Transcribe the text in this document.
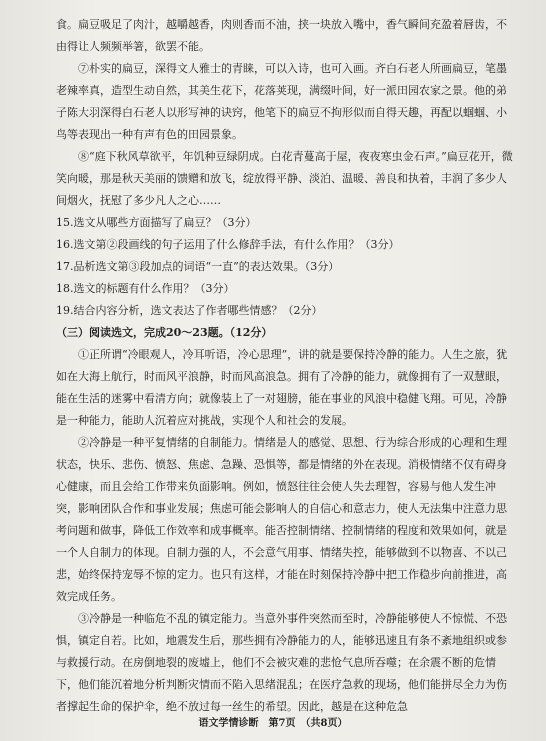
食。扁豆吸足了肉汁，越嚼越香，肉则香而不油，挟一块放入嘴中，香气瞬间充盈着唇齿，不由得让人频频举箸，欲罢不能。

⑦朴实的扁豆，深得文人雅士的青睐，可以入诗，也可入画。齐白石老人所画扁豆，笔墨老辣率真，造型生动自然，其美生花下，花落荚现，满缀叶间，好一派田园农家之景。他的弟子陈大羽深得白石老人以形写神的诀窍，他笔下的扁豆不拘形似而自得天趣，再配以蝈蝈、小鸟等表现出一种有声有色的田园景象。

⑧“庭下秋风草欲平，年饥种豆绿阴成。白花青蔓高于屋，夜夜寒虫金石声。”扁豆花开，微笑向暖，那是秋天美丽的馈赠和放飞，绽放得平静、淡泊、温暖、善良和执着，丰润了多少人间烟火，抚慰了多少凡人之心……

15.选文从哪些方面描写了扁豆？（3分）

16.选文第②段画线的句子运用了什么修辞手法，有什么作用？（3分）

17.品析选文第③段加点的词语“一直”的表达效果。（3分）

18.选文的标题有什么作用？（3分）

19.结合内容分析，选文表达了作者哪些情感？（2分）

（三）阅读选文，完成20～23题。（12分）

①正所谓“冷眼观人，冷耳听语，冷心思理”，讲的就是要保持冷静的能力。人生之旅，犹如在大海上航行，时而风平浪静，时而风高浪急。拥有了冷静的能力，就像拥有了一双慧眼，能在生活的迷雾中看清方向；就像装上了一对翅膀，能在事业的风浪中稳健飞翔。可见，冷静是一种能力，能助人沉着应对挑战，实现个人和社会的发展。

②冷静是一种平复情绪的自制能力。情绪是人的感觉、思想、行为综合形成的心理和生理状态，快乐、悲伤、愤怒、焦虑、急躁、恐惧等，都是情绪的外在表现。消极情绪不仅有碍身心健康，而且会给工作带来负面影响。例如，愤怒往往会使人失去理智，容易与他人发生冲突，影响团队合作和事业发展；焦虑可能会影响人的自信心和意志力，使人无法集中注意力思考问题和做事，降低工作效率和成事概率。能否控制情绪、控制情绪的程度和效果如何，就是一个人自制力的体现。自制力强的人，不会意气用事、情绪失控，能够做到不以物喜、不以己悲，始终保持宠辱不惊的定力。也只有这样，才能在时刻保持冷静中把工作稳步向前推进，高效完成任务。

③冷静是一种临危不乱的镇定能力。当意外事件突然而至时，冷静能够使人不惊慌、不恐惧，镇定自若。比如，地震发生后，那些拥有冷静能力的人，能够迅速且有条不紊地组织或参与救援行动。在房倒地裂的废墟上，他们不会被灾难的悲怆气息所吞噬；在余震不断的危情下，他们能沉着地分析判断灾情而不陷入思绪混乱；在医疗急救的现场，他们能拼尽全力为伤者撑起生命的保护伞，绝不放过每一丝生的希望。因此，越是在这种危急

语文学情诊断　第7页　（共8页）
